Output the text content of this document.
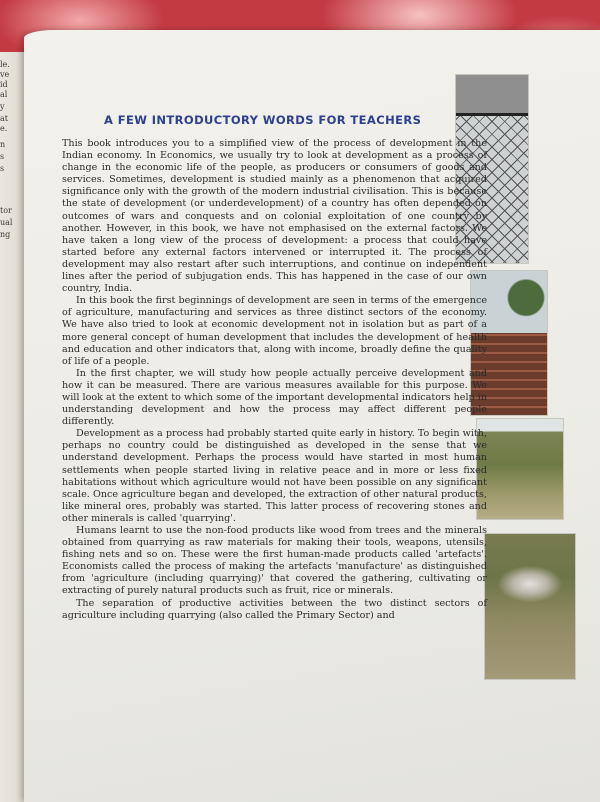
le.
ve
id
al
y
at
e.
n
s
s
tor
ual
ng
A FEW INTRODUCTORY WORDS FOR TEACHERS

This book introduces you to a simplified view of the process of development in the Indian economy. In Economics, we usually try to look at development as a process of change in the economic life of the people, as producers or consumers of goods and services. Sometimes, development is studied mainly as a phenomenon that acquired significance only with the growth of the modern industrial civilisation. This is because the state of development (or underdevelopment) of a country has often depended on outcomes of wars and conquests and on colonial exploitation of one country by another. However, in this book, we have not emphasised on the external factors. We have taken a long view of the process of development: a process that could have started before any external factors intervened or interrupted it. The process of development may also restart after such interruptions, and continue on independent lines after the period of subjugation ends. This has happened in the case of our own country, India.

In this book the first beginnings of development are seen in terms of the emergence of agriculture, manufacturing and services as three distinct sectors of the economy. We have also tried to look at economic development not in isolation but as part of a more general concept of human development that includes the development of health and education and other indicators that, along with income, broadly define the quality of life of a people.

In the first chapter, we will study how people actually perceive development and how it can be measured. There are various measures available for this purpose. We will look at the extent to which some of the important developmental indicators help in understanding development and how the process may affect different people differently.

Development as a process had probably started quite early in history. To begin with, perhaps no country could be distinguished as developed in the sense that we understand development. Perhaps the process would have started in most human settlements when people started living in relative peace and in more or less fixed habitations without which agriculture would not have been possible on any significant scale. Once agriculture began and developed, the extraction of other natural products, like mineral ores, probably was started. This latter process of recovering stones and other minerals is called 'quarrying'.

Humans learnt to use the non-food products like wood from trees and the minerals obtained from quarrying as raw materials for making their tools, weapons, utensils, fishing nets and so on. These were the first human-made products called 'artefacts'. Economists called the process of making the artefacts 'manufacture' as distinguished from 'agriculture (including quarrying)' that covered the gathering, cultivating or extracting of purely natural products such as fruit, rice or minerals.

The separation of productive activities between the two distinct sectors of agriculture including quarrying (also called the Primary Sector) and
